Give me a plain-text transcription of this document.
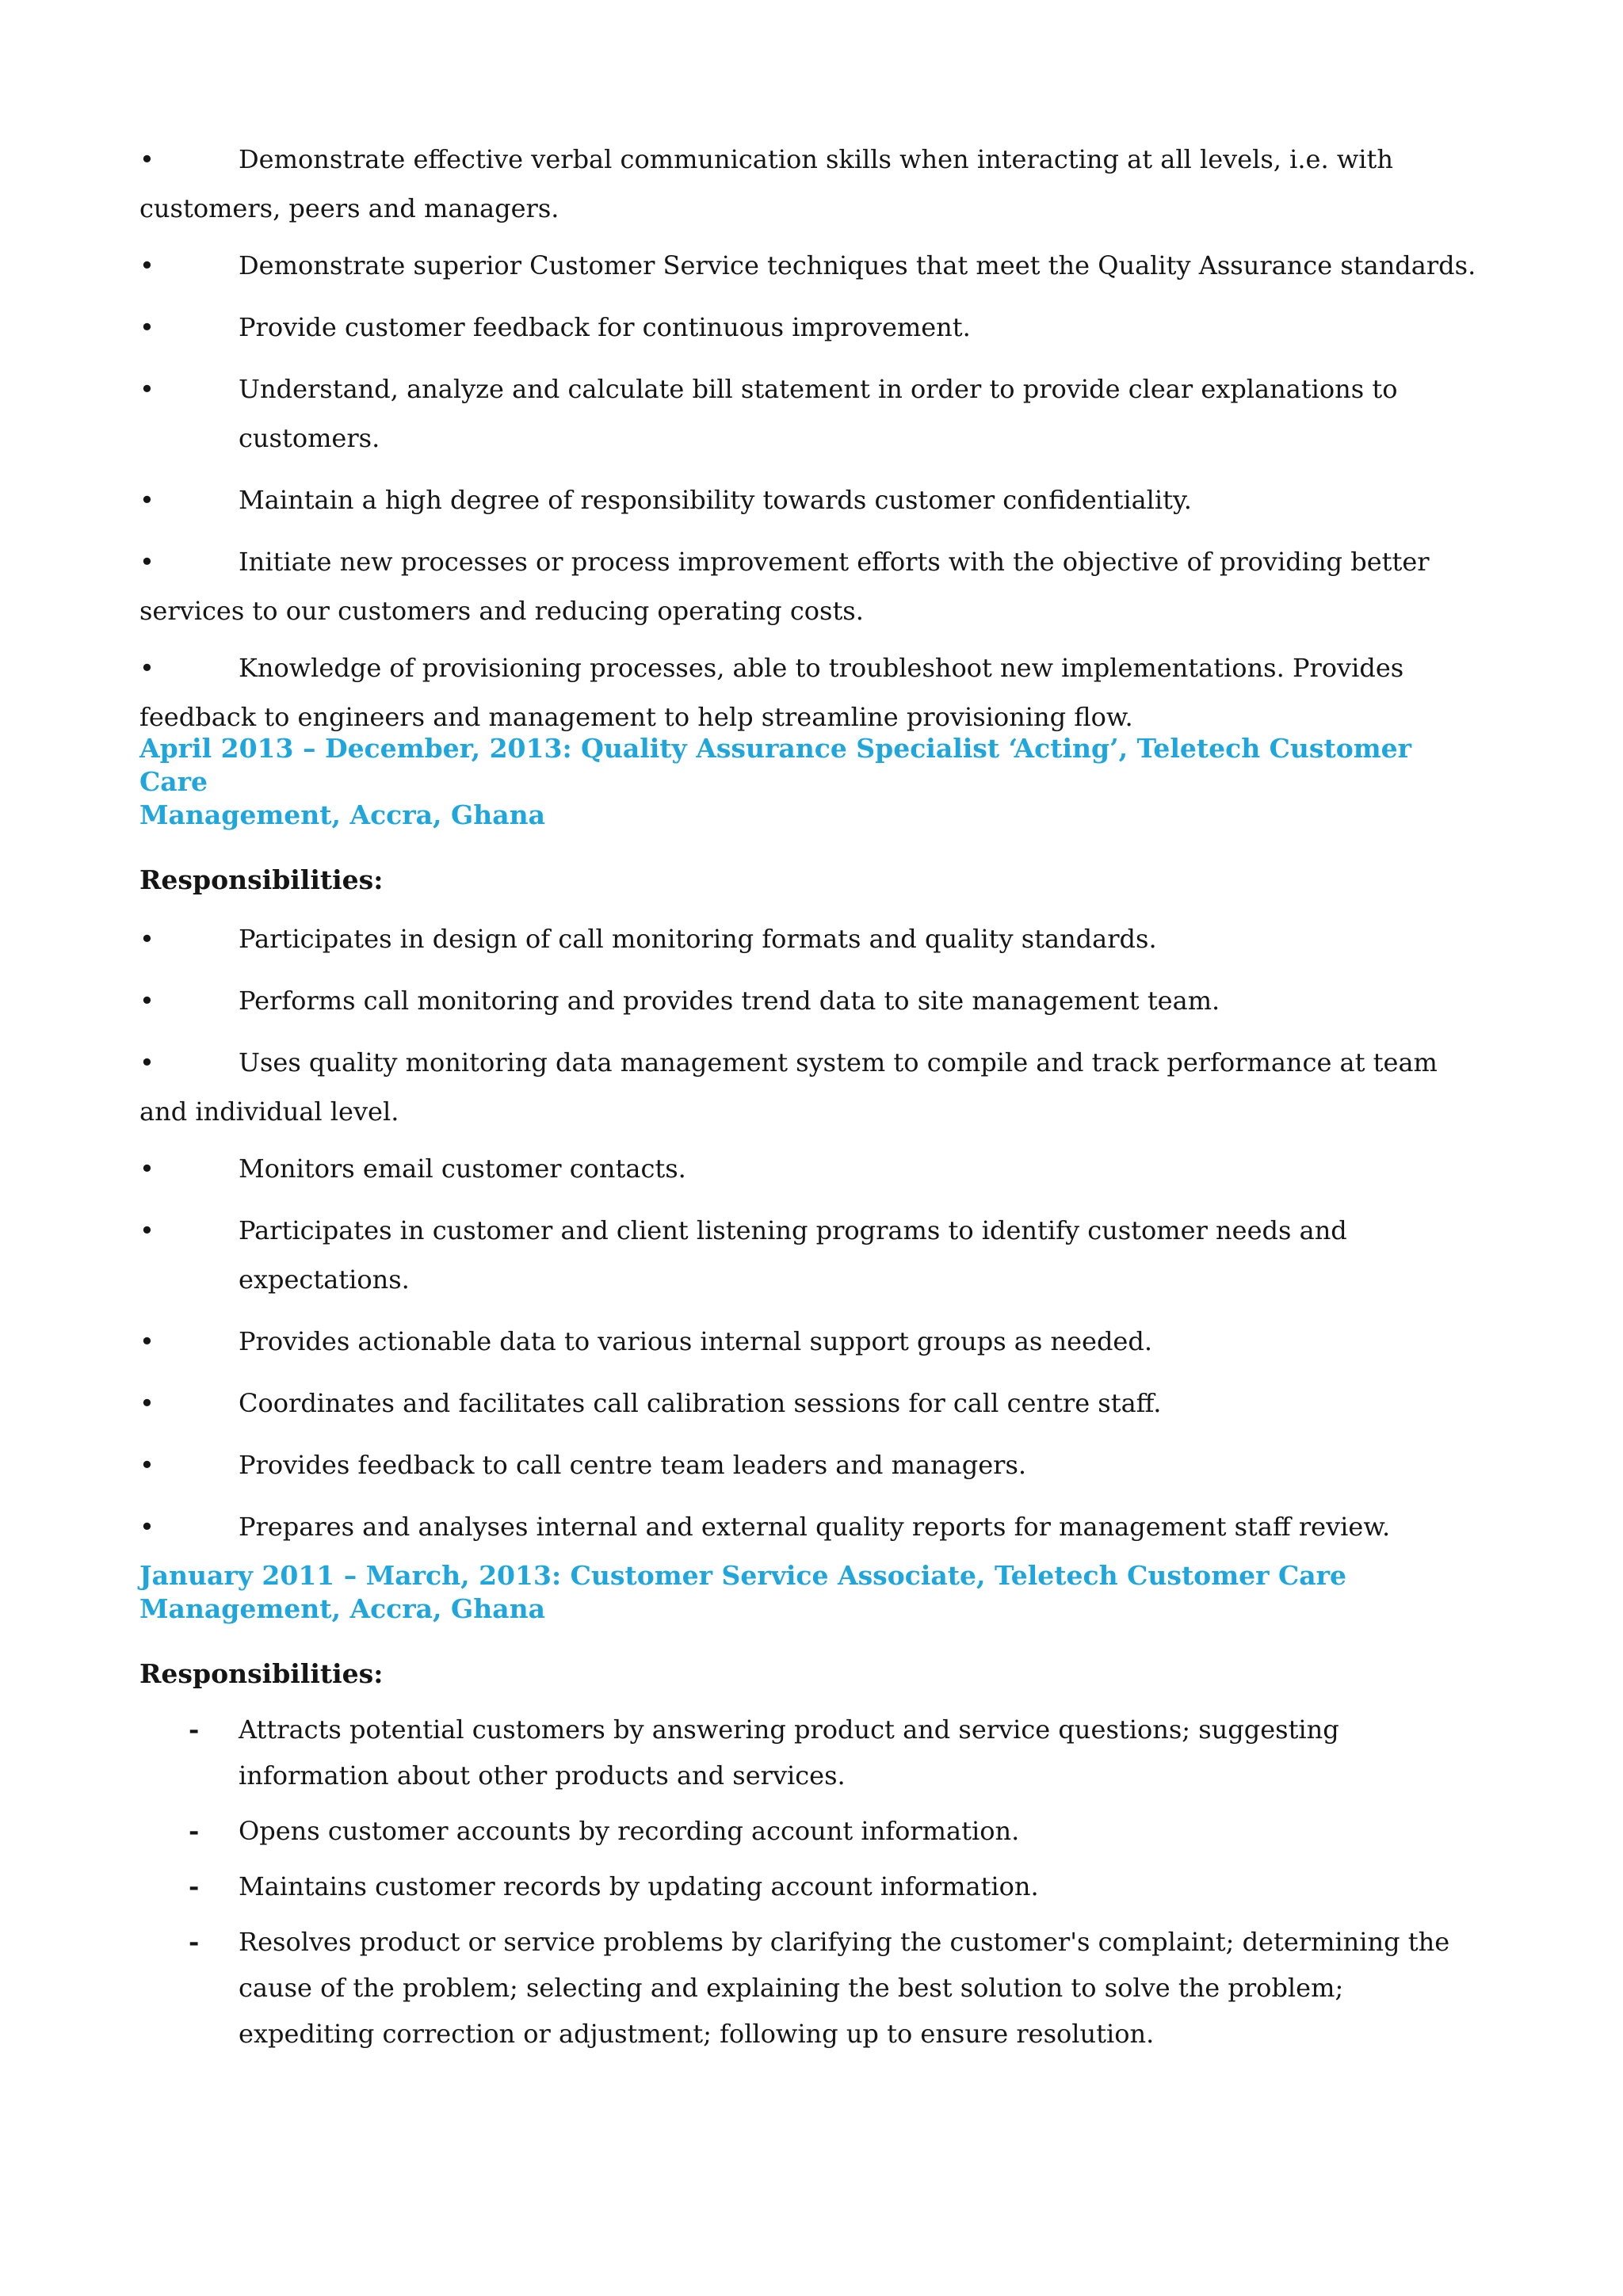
•	Demonstrate effective verbal communication skills when interacting at all levels, i.e. with customers, peers and managers.

•	Demonstrate superior Customer Service techniques that meet the Quality Assurance standards.

•	Provide customer feedback for continuous improvement.

•	Understand, analyze and calculate bill statement in order to provide clear explanations to customers.

•	Maintain a high degree of responsibility towards customer confidentiality.

•	Initiate new processes or process improvement efforts with the objective of providing better services to our customers and reducing operating costs.

•	Knowledge of provisioning processes, able to troubleshoot new implementations. Provides feedback to engineers and management to help streamline provisioning flow.

April 2013 – December, 2013: Quality Assurance Specialist ‘Acting’, Teletech Customer Care
Management, Accra, Ghana

Responsibilities:

•	Participates in design of call monitoring formats and quality standards.

•	Performs call monitoring and provides trend data to site management team.

•	Uses quality monitoring data management system to compile and track performance at team and individual level.

•	Monitors email customer contacts.

•	Participates in customer and client listening programs to identify customer needs and expectations.

•	Provides actionable data to various internal support groups as needed.

•	Coordinates and facilitates call calibration sessions for call centre staff.

•	Provides feedback to call centre team leaders and managers.

•	Prepares and analyses internal and external quality reports for management staff review.

January 2011 – March, 2013: Customer Service Associate, Teletech Customer Care
Management, Accra, Ghana

Responsibilities:

- Attracts potential customers by answering product and service questions; suggesting information about other products and services.

- Opens customer accounts by recording account information.

- Maintains customer records by updating account information.

- Resolves product or service problems by clarifying the customer's complaint; determining the cause of the problem; selecting and explaining the best solution to solve the problem; expediting correction or adjustment; following up to ensure resolution.
